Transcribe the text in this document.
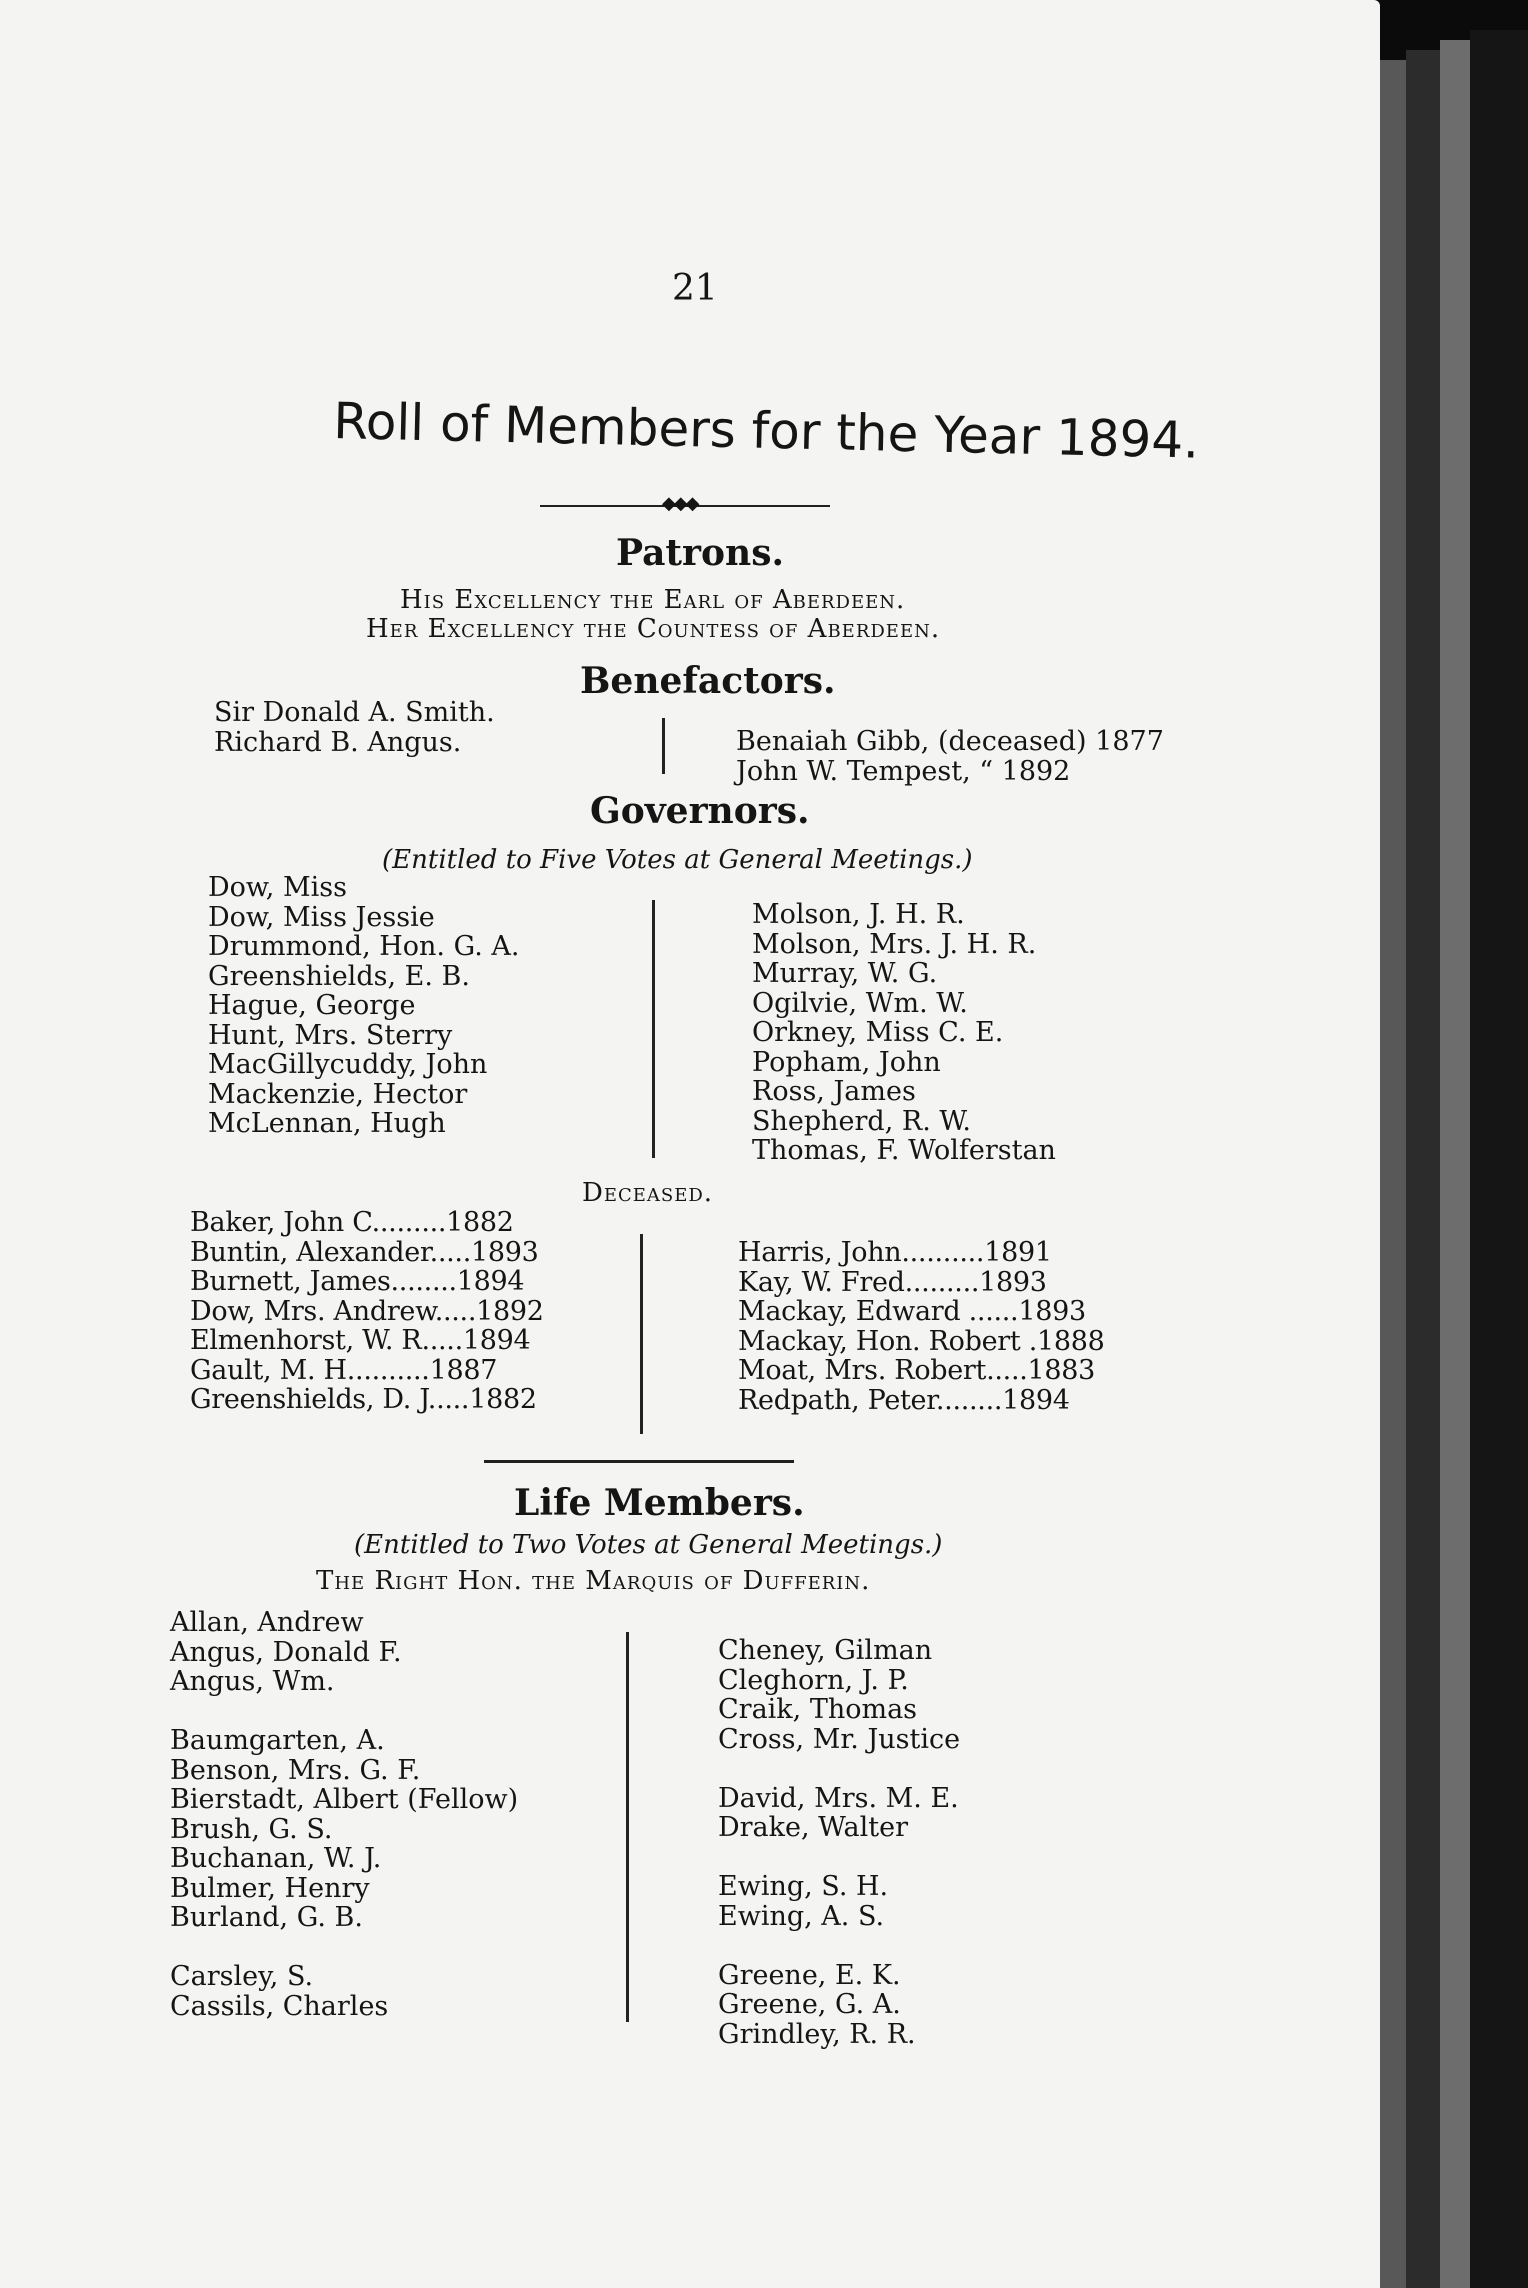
21
Roll of Members for the Year 1894.
◆◆◆
Patrons.
His Excellency the Earl of Aberdeen.
Her Excellency the Countess of Aberdeen.
Benefactors.
Sir Donald A. Smith.
Richard B. Angus.	Benaiah Gibb, (deceased) 1877
John W. Tempest, “ 1892
Governors.
(Entitled to Five Votes at General Meetings.)
Dow, Miss
Dow, Miss Jessie
Drummond, Hon. G. A.
Greenshields, E. B.
Hague, George
Hunt, Mrs. Sterry
MacGillycuddy, John
Mackenzie, Hector
McLennan, Hugh
Molson, J. H. R.
Molson, Mrs. J. H. R.
Murray, W. G.
Ogilvie, Wm. W.
Orkney, Miss C. E.
Popham, John
Ross, James
Shepherd, R. W.
Thomas, F. Wolferstan
Deceased.
Baker, John C.........1882
Buntin, Alexander.....1893
Burnett, James........1894
Dow, Mrs. Andrew.....1892
Elmenhorst, W. R.....1894
Gault, M. H..........1887
Greenshields, D. J.....1882
Harris, John..........1891
Kay, W. Fred.........1893
Mackay, Edward ......1893
Mackay, Hon. Robert .1888
Moat, Mrs. Robert.....1883
Redpath, Peter........1894
Life Members.
(Entitled to Two Votes at General Meetings.)
The Right Hon. the Marquis of Dufferin.
Allan, Andrew
Angus, Donald F.
Angus, Wm.
Baumgarten, A.
Benson, Mrs. G. F.
Bierstadt, Albert (Fellow)
Brush, G. S.
Buchanan, W. J.
Bulmer, Henry
Burland, G. B.
Carsley, S.
Cassils, Charles
Cheney, Gilman
Cleghorn, J. P.
Craik, Thomas
Cross, Mr. Justice
David, Mrs. M. E.
Drake, Walter
Ewing, S. H.
Ewing, A. S.
Greene, E. K.
Greene, G. A.
Grindley, R. R.
